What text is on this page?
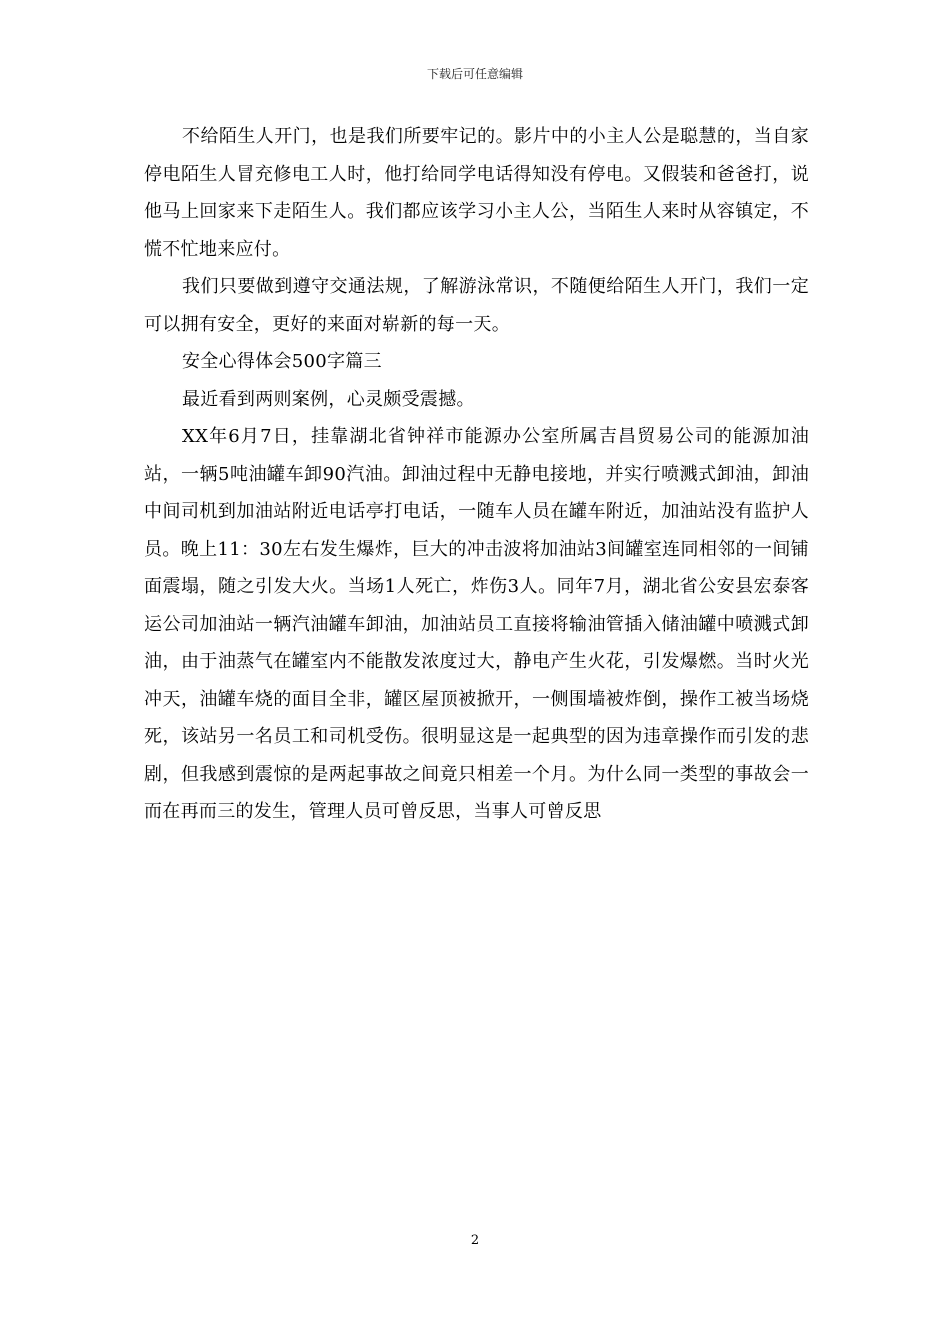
下载后可任意编辑

不给陌生人开门，也是我们所要牢记的。影片中的小主人公是聪慧的，当自家停电陌生人冒充修电工人时，他打给同学电话得知没有停电。又假装和爸爸打，说他马上回家来下走陌生人。我们都应该学习小主人公，当陌生人来时从容镇定，不慌不忙地来应付。

我们只要做到遵守交通法规，了解游泳常识，不随便给陌生人开门，我们一定可以拥有安全，更好的来面对崭新的每一天。

安全心得体会500字篇三

最近看到两则案例，心灵颇受震撼。

XX年6月7日，挂靠湖北省钟祥市能源办公室所属吉昌贸易公司的能源加油站，一辆5吨油罐车卸90汽油。卸油过程中无静电接地，并实行喷溅式卸油，卸油中间司机到加油站附近电话亭打电话，一随车人员在罐车附近，加油站没有监护人员。晚上11：30左右发生爆炸，巨大的冲击波将加油站3间罐室连同相邻的一间铺面震塌，随之引发大火。当场1人死亡，炸伤3人。同年7月，湖北省公安县宏泰客运公司加油站一辆汽油罐车卸油，加油站员工直接将输油管插入储油罐中喷溅式卸油，由于油蒸气在罐室内不能散发浓度过大，静电产生火花，引发爆燃。当时火光冲天，油罐车烧的面目全非，罐区屋顶被掀开，一侧围墙被炸倒，操作工被当场烧死，该站另一名员工和司机受伤。很明显这是一起典型的因为违章操作而引发的悲剧，但我感到震惊的是两起事故之间竟只相差一个月。为什么同一类型的事故会一而在再而三的发生，管理人员可曾反思，当事人可曾反思

2
